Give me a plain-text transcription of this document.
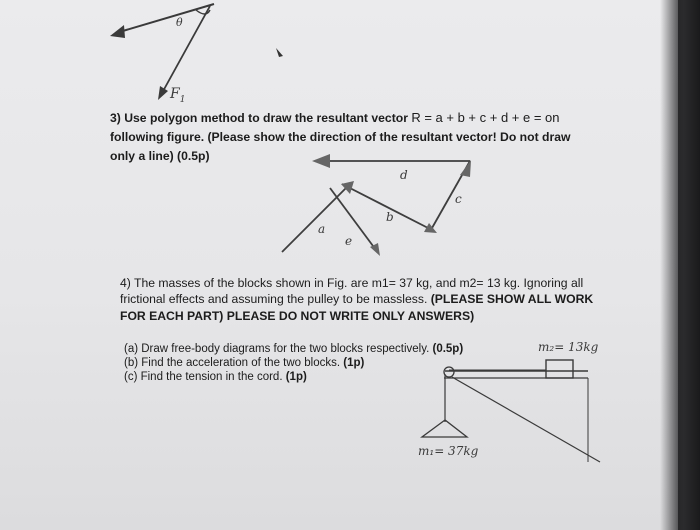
θ
$F_1$
3) Use polygon method to draw the resultant vector R = a + b + c + d + e = on
following figure. (Please show the direction of the resultant vector! Do not draw
only a line) (0.5p)
d
c
b
a
e
4) The masses of the blocks shown in Fig. are m1= 37 kg, and m2= 13 kg. Ignoring all
frictional effects and assuming the pulley to be massless. (PLEASE SHOW ALL WORK
FOR EACH PART) PLEASE DO NOT WRITE ONLY ANSWERS)
(a) Draw free-body diagrams for the two blocks respectively. (0.5p)
(b) Find the acceleration of the two blocks. (1p)
(c) Find the tension in the cord. (1p)
m₂= 13kg
m₁= 37kg
